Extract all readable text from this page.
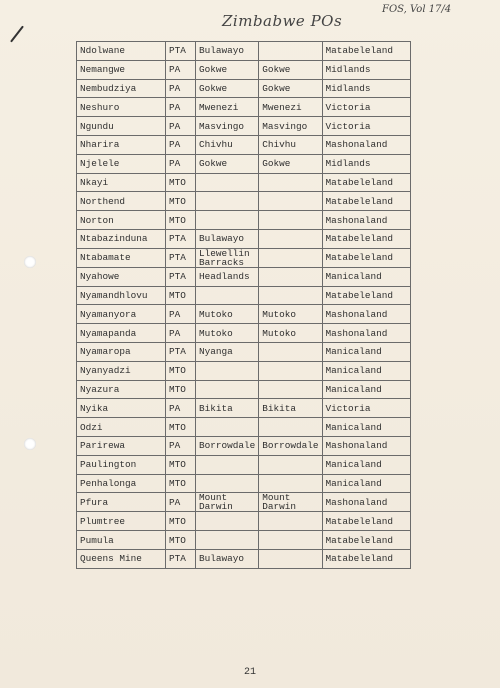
Zimbabwe POs
FOS, Vol 17/4
Ndolwane	PTA	Bulawayo		Matabeleland
Nemangwe	PA	Gokwe	Gokwe	Midlands
Nembudziya	PA	Gokwe	Gokwe	Midlands
Neshuro	PA	Mwenezi	Mwenezi	Victoria
Ngundu	PA	Masvingo	Masvingo	Victoria
Nharira	PA	Chivhu	Chivhu	Mashonaland
Njelele	PA	Gokwe	Gokwe	Midlands
Nkayi	MTO			Matabeleland
Northend	MTO			Matabeleland
Norton	MTO			Mashonaland
Ntabazinduna	PTA	Bulawayo		Matabeleland
Ntabamate	PTA	Llewellin Barracks		Matabeleland
Nyahowe	PTA	Headlands		Manicaland
Nyamandhlovu	MTO			Matabeleland
Nyamanyora	PA	Mutoko	Mutoko	Mashonaland
Nyamapanda	PA	Mutoko	Mutoko	Mashonaland
Nyamaropa	PTA	Nyanga		Manicaland
Nyanyadzi	MTO			Manicaland
Nyazura	MTO			Manicaland
Nyika	PA	Bikita	Bikita	Victoria
Odzi	MTO			Manicaland
Parirewa	PA	Borrowdale	Borrowdale	Mashonaland
Paulington	MTO			Manicaland
Penhalonga	MTO			Manicaland
Pfura	PA	Mount Darwin	Mount Darwin	Mashonaland
Plumtree	MTO			Matabeleland
Pumula	MTO			Matabeleland
Queens Mine	PTA	Bulawayo		Matabeleland
21
